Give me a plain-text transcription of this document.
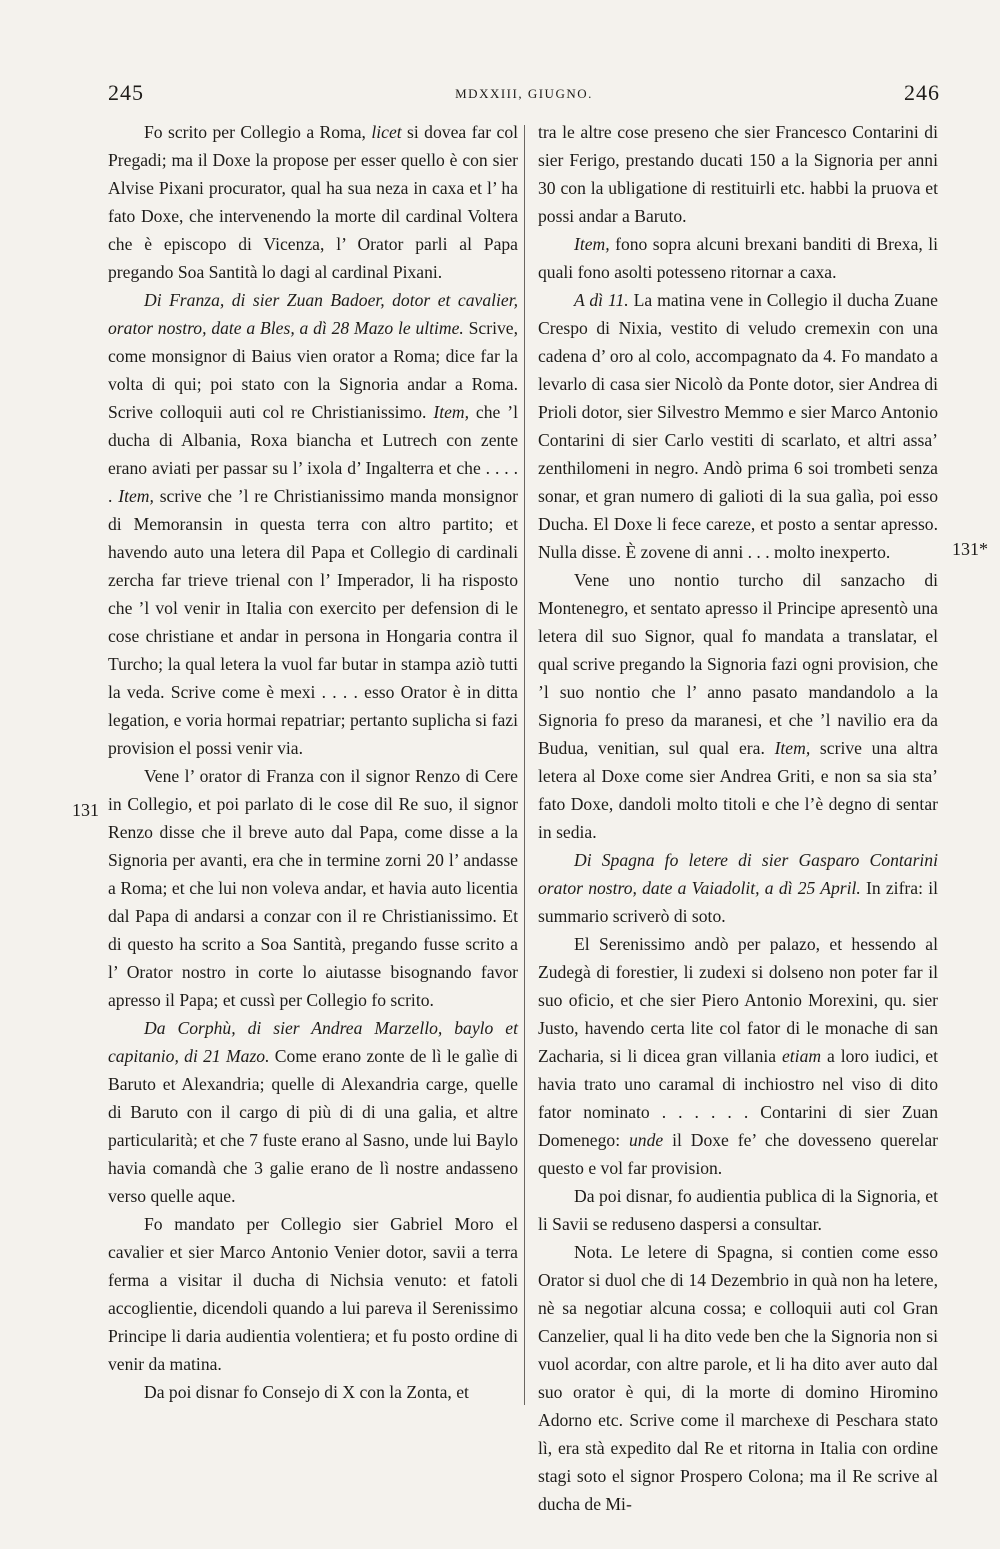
245	MDXXIII, GIUGNO.	246
131
131*

Fo scrito per Collegio a Roma, licet si dovea far col Pregadi; ma il Doxe la propose per esser quello è con sier Alvise Pixani procurator, qual ha sua neza in caxa et l’ ha fato Doxe, che intervenendo la morte dil cardinal Voltera che è episcopo di Vicenza, l’ Orator parli al Papa pregando Soa Santità lo dagi al cardinal Pixani.

Di Franza, di sier Zuan Badoer, dotor et cavalier, orator nostro, date a Bles, a dì 28 Mazo le ultime. Scrive, come monsignor di Baius vien orator a Roma; dice far la volta di qui; poi stato con la Signoria andar a Roma. Scrive colloquii auti col re Christianissimo. Item, che ’l ducha di Albania, Roxa biancha et Lutrech con zente erano aviati per passar su l’ ixola d’ Ingalterra et che . . . . . Item, scrive che ’l re Christianissimo manda monsignor di Memoransin in questa terra con altro partito; et havendo auto una letera dil Papa et Collegio di cardinali zercha far trieve trienal con l’ Imperador, li ha risposto che ’l vol venir in Italia con exercito per defension di le cose christiane et andar in persona in Hongaria contra il Turcho; la qual letera la vuol far butar in stampa aziò tutti la veda. Scrive come è mexi . . . . esso Orator è in ditta legation, e voria hormai repatriar; pertanto suplicha si fazi provision el possi venir via.

Vene l’ orator di Franza con il signor Renzo di Cere in Collegio, et poi parlato di le cose dil Re suo, il signor Renzo disse che il breve auto dal Papa, come disse a la Signoria per avanti, era che in termine zorni 20 l’ andasse a Roma; et che lui non voleva andar, et havia auto licentia dal Papa di andarsi a conzar con il re Christianissimo. Et di questo ha scrito a Soa Santità, pregando fusse scrito a l’ Orator nostro in corte lo aiutasse bisognando favor apresso il Papa; et cussì per Collegio fo scrito.

Da Corphù, di sier Andrea Marzello, baylo et capitanio, di 21 Mazo. Come erano zonte de lì le galìe di Baruto et Alexandria; quelle di Alexandria carge, quelle di Baruto con il cargo di più di di una galia, et altre particularità; et che 7 fuste erano al Sasno, unde lui Baylo havia comandà che 3 galie erano de lì nostre andasseno verso quelle aque.

Fo mandato per Collegio sier Gabriel Moro el cavalier et sier Marco Antonio Venier dotor, savii a terra ferma a visitar il ducha di Nichsia venuto: et fatoli accoglientie, dicendoli quando a lui pareva il Serenissimo Principe li daria audientia volentiera; et fu posto ordine di venir da matina.

Da poi disnar fo Consejo di X con la Zonta, et

tra le altre cose preseno che sier Francesco Contarini di sier Ferigo, prestando ducati 150 a la Signoria per anni 30 con la ubligatione di restituirli etc. habbi la pruova et possi andar a Baruto.

Item, fono sopra alcuni brexani banditi di Brexa, li quali fono asolti potesseno ritornar a caxa.

A dì 11. La matina vene in Collegio il ducha Zuane Crespo di Nixia, vestito di veludo cremexin con una cadena d’ oro al colo, accompagnato da 4. Fo mandato a levarlo di casa sier Nicolò da Ponte dotor, sier Andrea di Prioli dotor, sier Silvestro Memmo e sier Marco Antonio Contarini di sier Carlo vestiti di scarlato, et altri assa’ zenthilomeni in negro. Andò prima 6 soi trombeti senza sonar, et gran numero di galioti di la sua galìa, poi esso Ducha. El Doxe li fece careze, et posto a sentar apresso. Nulla disse. È zovene di anni . . . molto inexperto.

Vene uno nontio turcho dil sanzacho di Montenegro, et sentato apresso il Principe apresentò una letera dil suo Signor, qual fo mandata a translatar, el qual scrive pregando la Signoria fazi ogni provision, che ’l suo nontio che l’ anno pasato mandandolo a la Signoria fo preso da maranesi, et che ’l navilio era da Budua, venitian, sul qual era. Item, scrive una altra letera al Doxe come sier Andrea Griti, e non sa sia sta’ fato Doxe, dandoli molto titoli e che l’è degno di sentar in sedia.

Di Spagna fo letere di sier Gasparo Contarini orator nostro, date a Vaiadolit, a dì 25 April. In zifra: il summario scriverò di soto.

El Serenissimo andò per palazo, et hessendo al Zudegà di forestier, li zudexi si dolseno non poter far il suo oficio, et che sier Piero Antonio Morexini, qu. sier Justo, havendo certa lite col fator di le monache di san Zacharia, si li dicea gran villania etiam a loro iudici, et havia trato uno caramal di inchiostro nel viso di dito fator nominato . . . . . . Contarini di sier Zuan Domenego: unde il Doxe fe’ che dovesseno querelar questo e vol far provision.

Da poi disnar, fo audientia publica di la Signoria, et li Savii se reduseno daspersi a consultar.

Nota. Le letere di Spagna, si contien come esso Orator si duol che di 14 Dezembrio in quà non ha letere, nè sa negotiar alcuna cossa; e colloquii auti col Gran Canzelier, qual li ha dito vede ben che la Signoria non si vuol acordar, con altre parole, et li ha dito aver auto dal suo orator è qui, di la morte di domino Hiromino Adorno etc. Scrive come il marchexe di Peschara stato lì, era stà expedito dal Re et ritorna in Italia con ordine stagi soto el signor Prospero Colona; ma il Re scrive al ducha de Mi-
